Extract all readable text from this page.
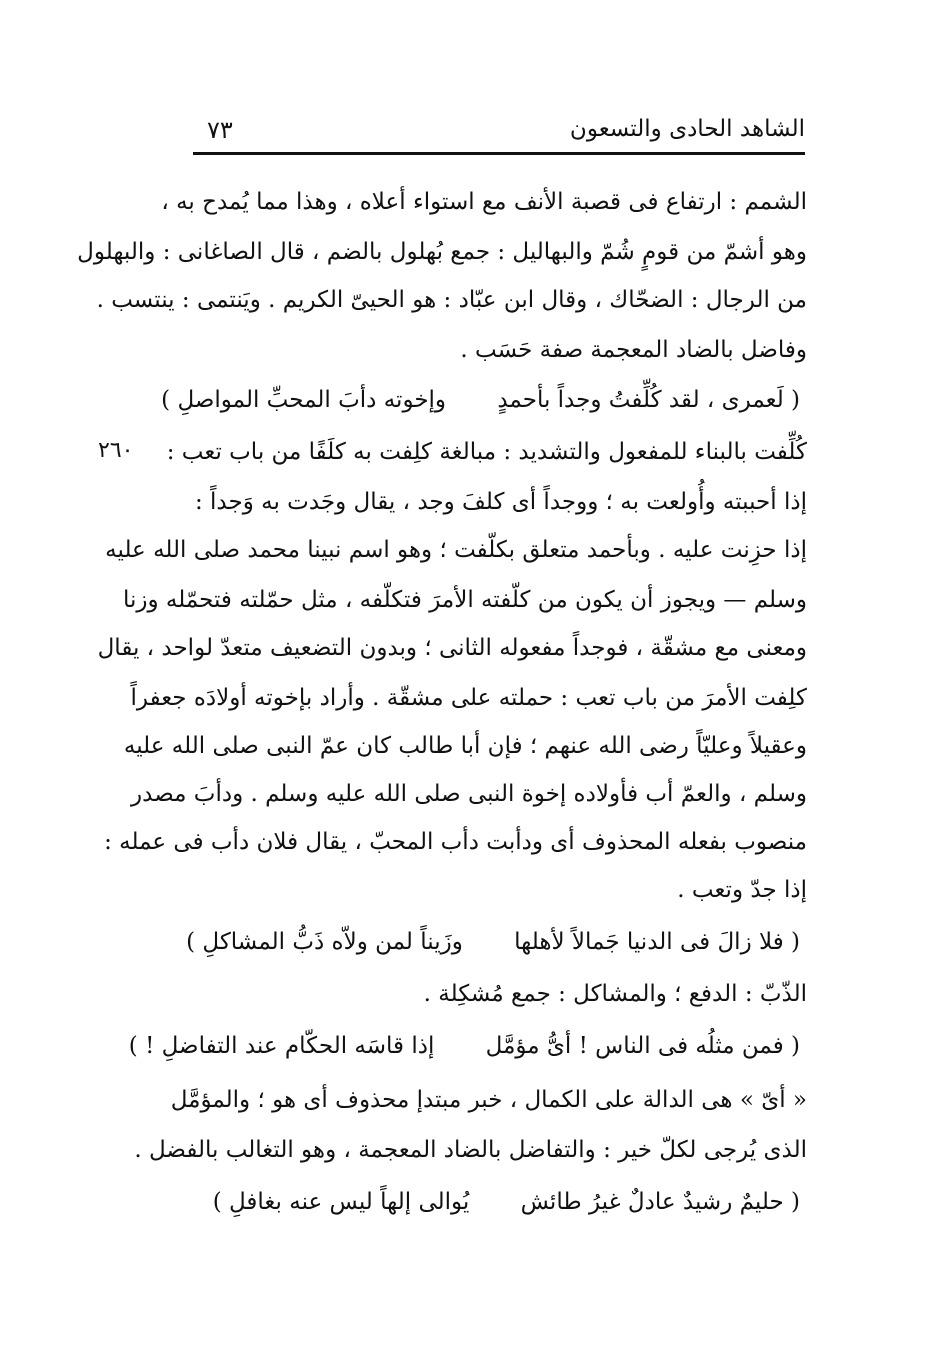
٧٣	الشاهد الحادى والتسعون
٢٦٠
الشمم : ارتفاع فى قصبة الأنف مع استواء أعلاه ، وهذا مما يُمدح به ،
وهو أشمّ من قومٍ شُمّ والبهاليل : جمع بُهلول بالضم ، قال الصاغانى : والبهلول
من الرجال : الضحّاك ، وقال ابن عبّاد : هو الحيىّ الكريم . ويَنتمى : ينتسب .
وفاضل بالضاد المعجمة صفة حَسَب .
( لَعمرى ، لقد كُلِّفتُ وجداً بأحمدٍ وإخوته دأبَ المحبِّ المواصلِ )
كُلِّفت بالبناء للمفعول والتشديد : مبالغة كلِفت به كلَفًا من باب تعب :
إذا أحببته وأُولعت به ؛ ووجداً أى كلفَ وجد ، يقال وجَدت به وَجداً :
إذا حزِنت عليه . وبأحمد متعلق بكلّفت ؛ وهو اسم نبينا محمد صلى الله عليه
وسلم — ويجوز أن يكون من كلّفته الأمرَ فتكلّفه ، مثل حمّلته فتحمّله وزنا
ومعنى مع مشقّة ، فوجداً مفعوله الثانى ؛ وبدون التضعيف متعدّ لواحد ، يقال
كلِفت الأمرَ من باب تعب : حملته على مشقّة . وأراد بإخوته أولادَه جعفراً
وعقيلاً وعليّاً رضى الله عنهم ؛ فإن أبا طالب كان عمّ النبى صلى الله عليه
وسلم ، والعمّ أب فأولاده إخوة النبى صلى الله عليه وسلم . ودأبَ مصدر
منصوب بفعله المحذوف أى ودأبت دأب المحبّ ، يقال فلان دأب فى عمله :
إذا جدّ وتعب .
( فلا زالَ فى الدنيا جَمالاً لأهلها وزَيناً لمن ولاّه ذَبُّ المشاكلِ )
الذّبّ : الدفع ؛ والمشاكل : جمع مُشكِلة .
( فمن مثلُه فى الناس ! أىُّ مؤمَّل إذا قاسَه الحكّام عند التفاضلِ ! )
« أىّ » هى الدالة على الكمال ، خبر مبتدإ محذوف أى هو ؛ والمؤمَّل
الذى يُرجى لكلّ خير : والتفاضل بالضاد المعجمة ، وهو التغالب بالفضل .
( حليمٌ رشيدٌ عادلٌ غيرُ طائش يُوالى إلهاً ليس عنه بغافلِ )
